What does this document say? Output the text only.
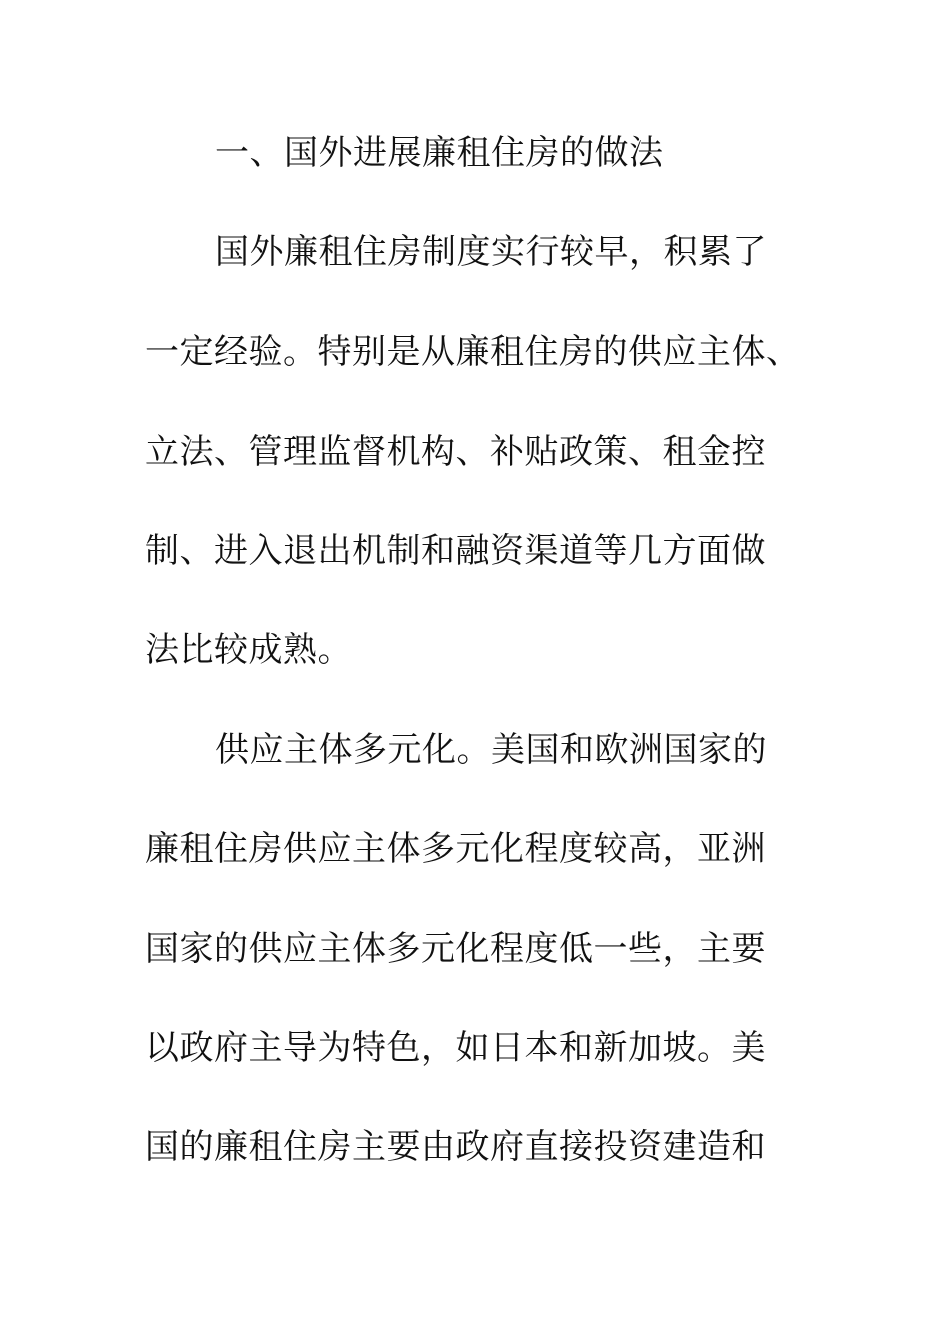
一、国外进展廉租住房的做法
国外廉租住房制度实行较早，积累了
一定经验。特别是从廉租住房的供应主体、
立法、管理监督机构、补贴政策、租金控
制、进入退出机制和融资渠道等几方面做
法比较成熟。
供应主体多元化。美国和欧洲国家的
廉租住房供应主体多元化程度较高，亚洲
国家的供应主体多元化程度低一些，主要
以政府主导为特色，如日本和新加坡。美
国的廉租住房主要由政府直接投资建造和
